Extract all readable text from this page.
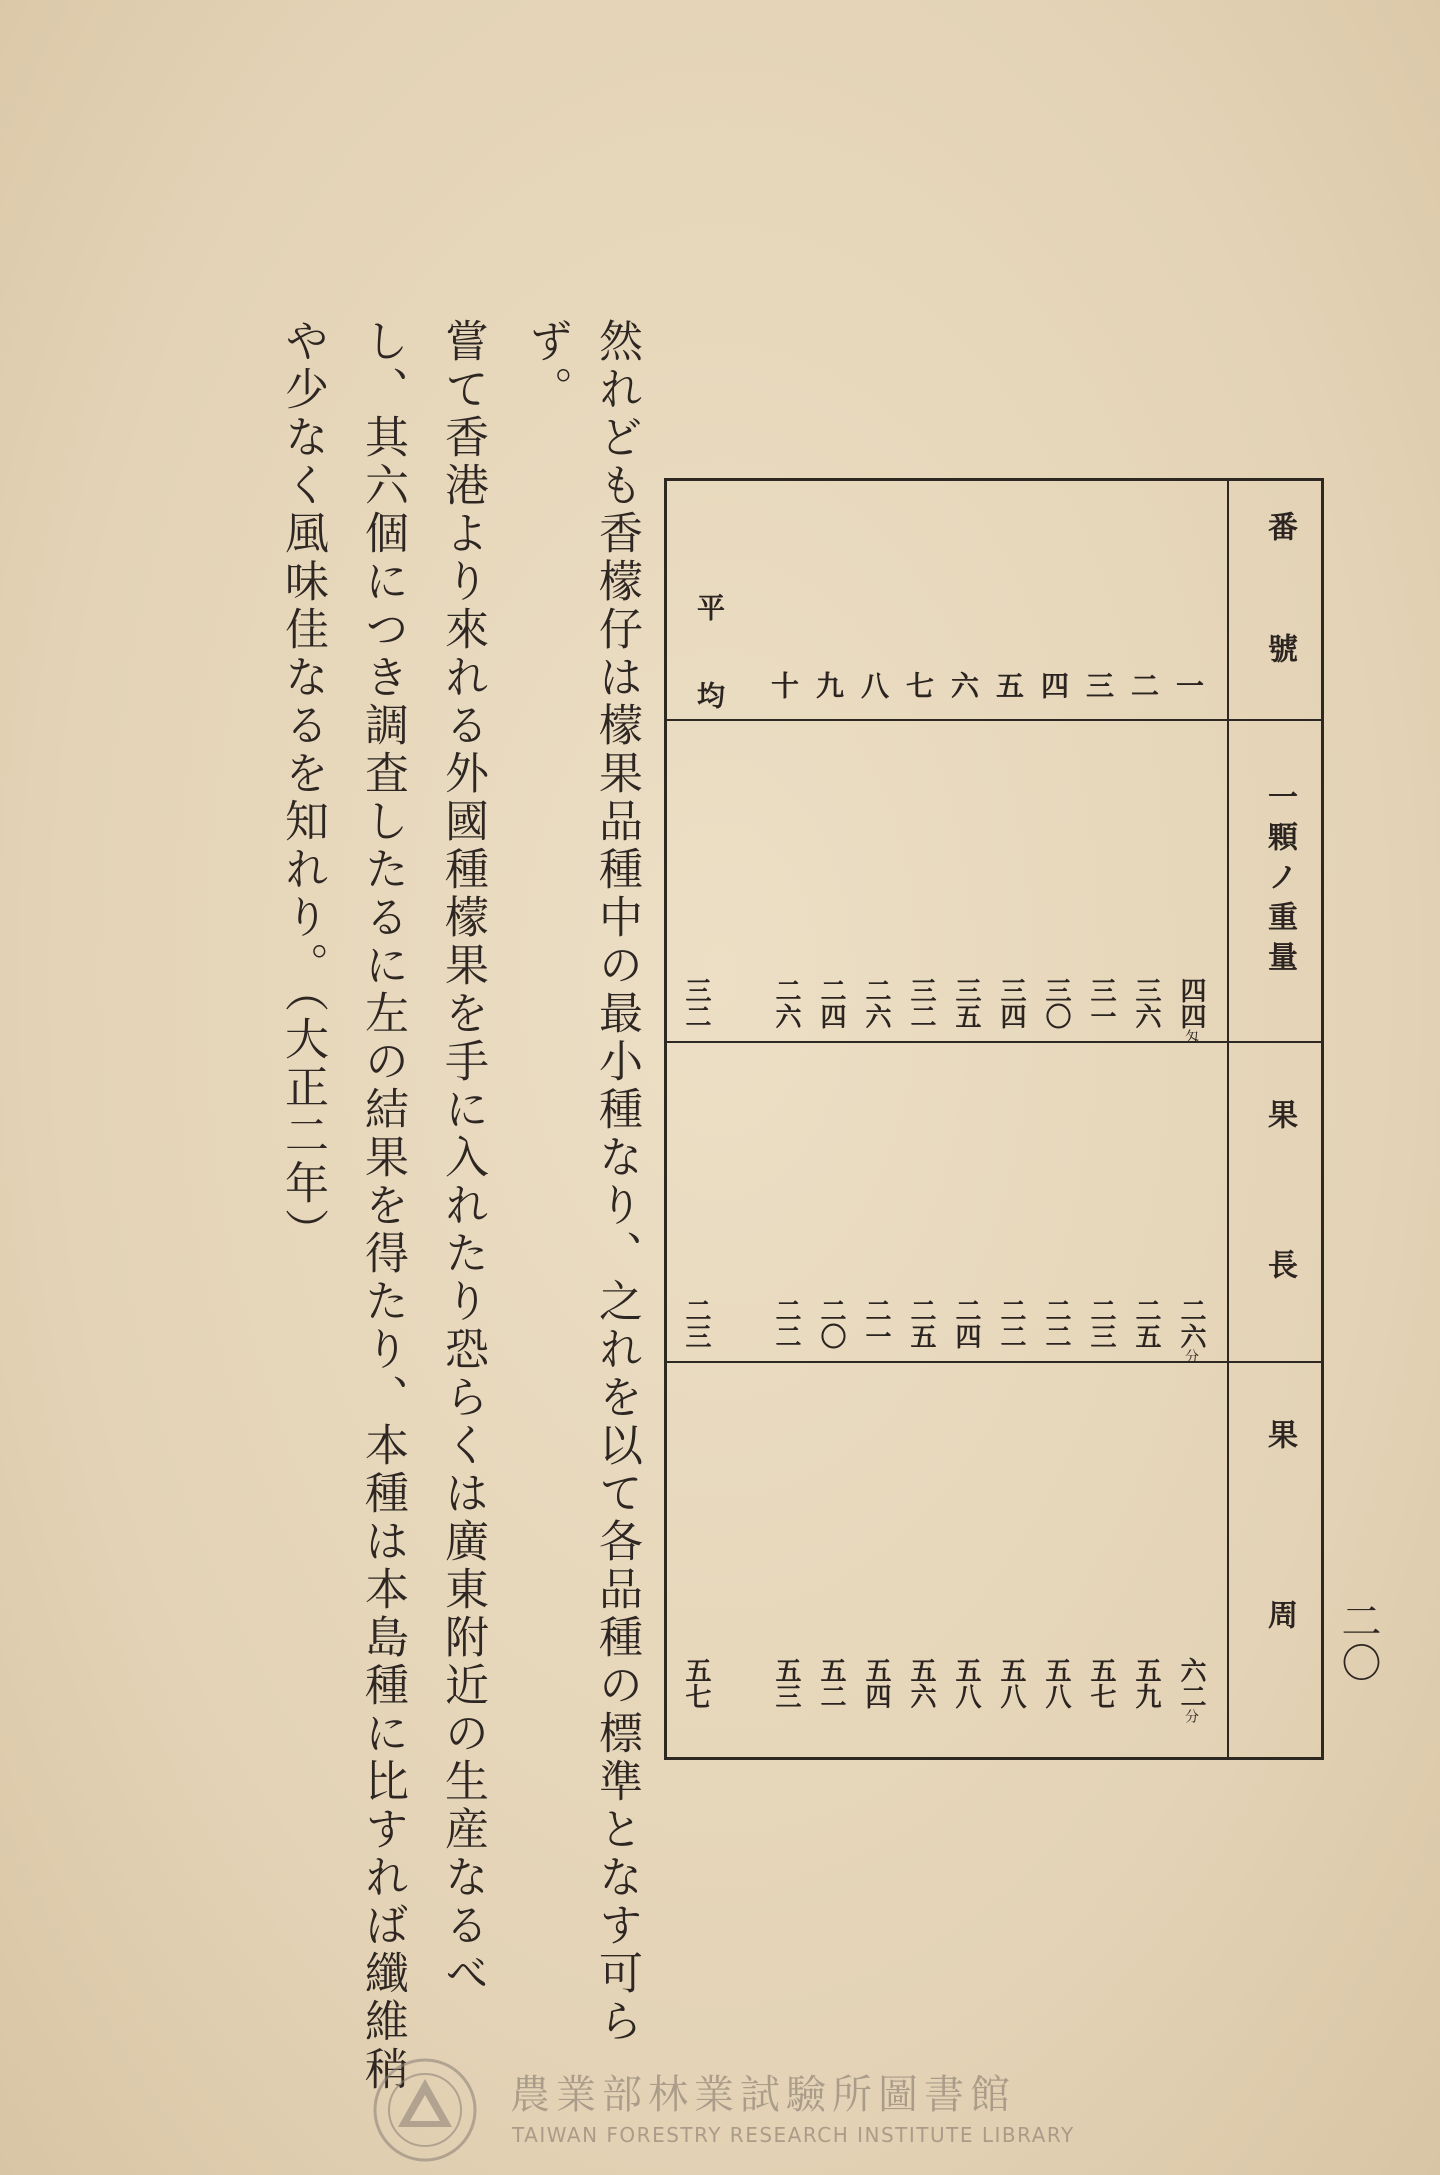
二〇
然れども香檬仔は檬果品種中の最小種なり、之れを以て各品種の標準となす可ら
ず。
嘗て香港より來れる外國種檬果を手に入れたり恐らくは廣東附近の生産なるべ
し、其六個につき調査したるに左の結果を得たり、本種は本島種に比すれば纖維稍
や少なく風味佳なるを知れり。（大正二年）	番號
一顆ノ重量
果長
果周
一
二
三
四
五
六
七
八
九
十
平均
四四匁
三六
三一
三〇
三四
三五
三二
二六
二四
二六
三二
二六分
二五
二三
二二
二二
二四
二五
二一
二〇
二二
二三
六二分
五九
五七
五八
五八
五八
五六
五四
五二
五三
五七
農業部林業試驗所圖書館
TAIWAN FORESTRY RESEARCH INSTITUTE LIBRARY
